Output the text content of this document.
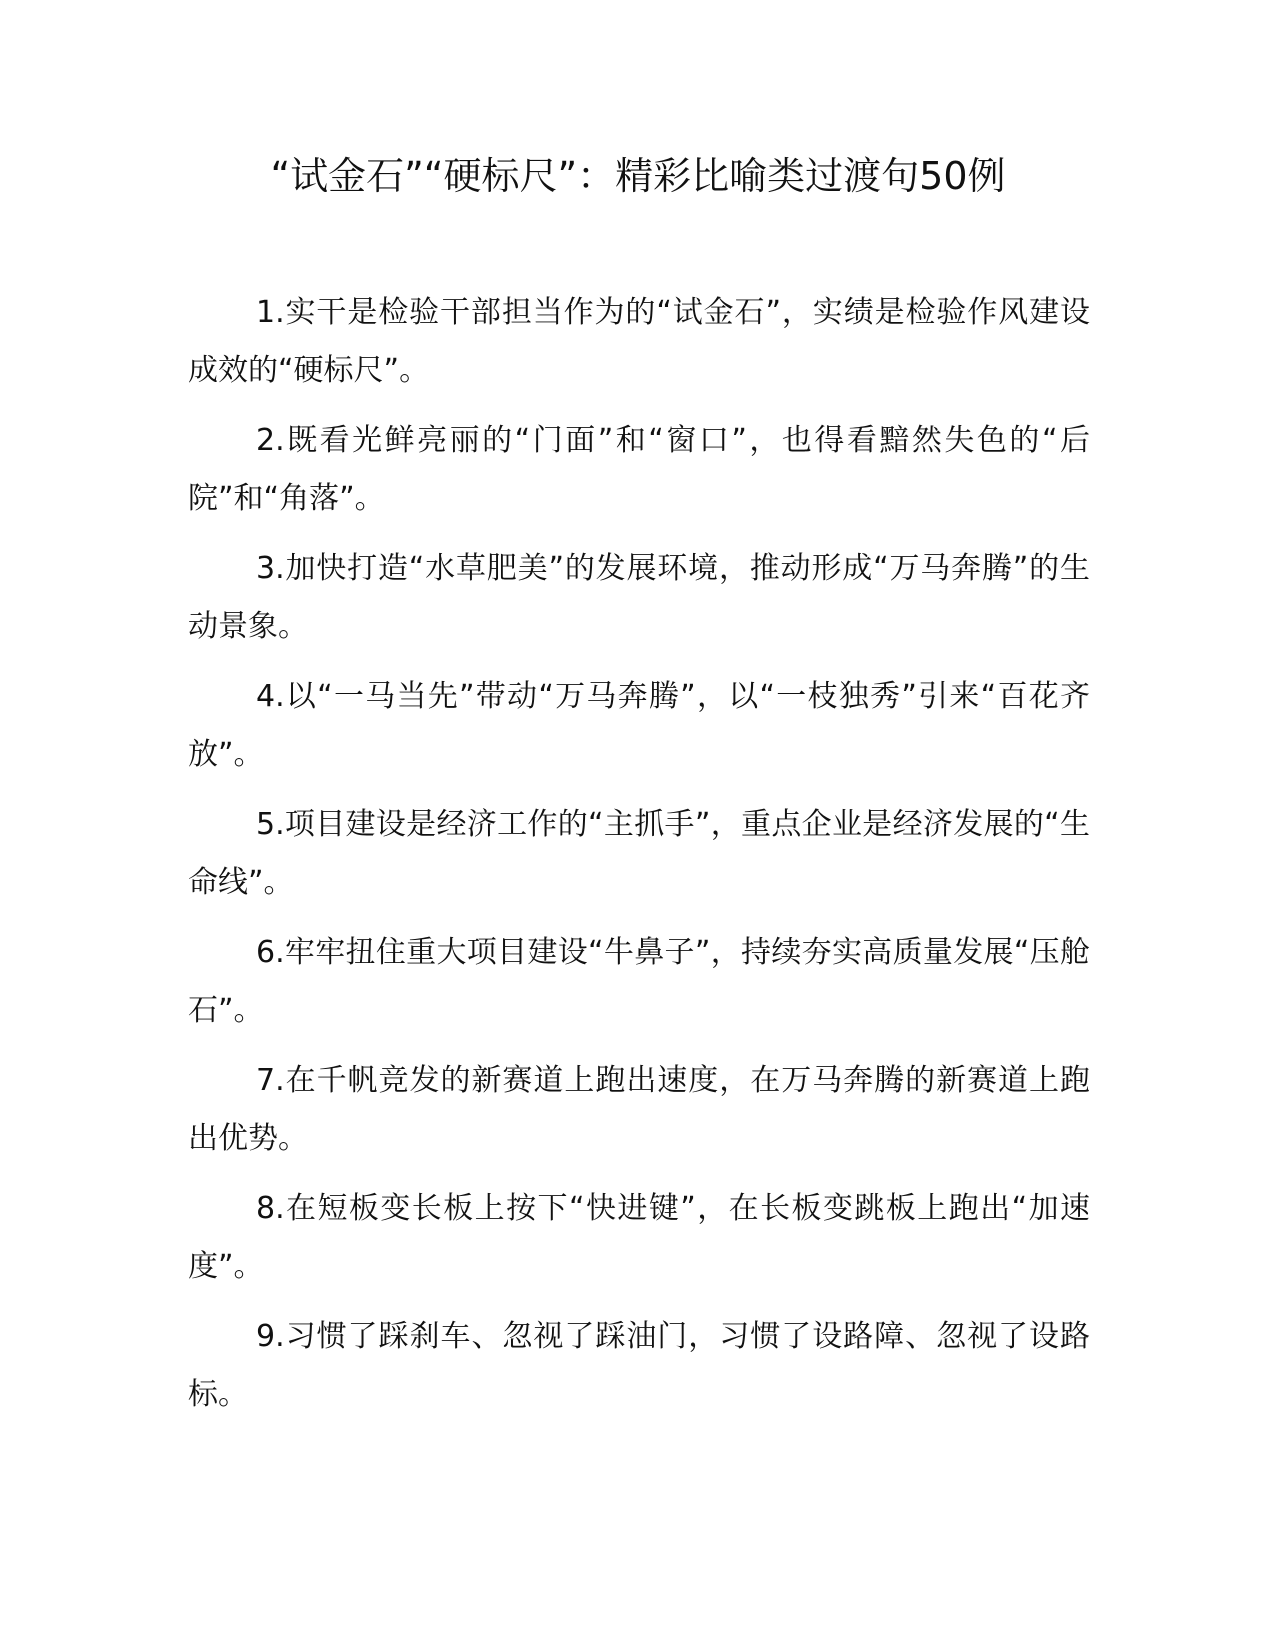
“试金石”“硬标尺”：精彩比喻类过渡句50例

1.实干是检验干部担当作为的“试金石”，实绩是检验作风建设成效的“硬标尺”。

2.既看光鲜亮丽的“门面”和“窗口”，也得看黯然失色的“后院”和“角落”。

3.加快打造“水草肥美”的发展环境，推动形成“万马奔腾”的生动景象。

4.以“一马当先”带动“万马奔腾”，以“一枝独秀”引来“百花齐放”。

5.项目建设是经济工作的“主抓手”，重点企业是经济发展的“生命线”。

6.牢牢扭住重大项目建设“牛鼻子”，持续夯实高质量发展“压舱石”。

7.在千帆竞发的新赛道上跑出速度，在万马奔腾的新赛道上跑出优势。

8.在短板变长板上按下“快进键”，在长板变跳板上跑出“加速度”。

9.习惯了踩刹车、忽视了踩油门，习惯了设路障、忽视了设路标。
